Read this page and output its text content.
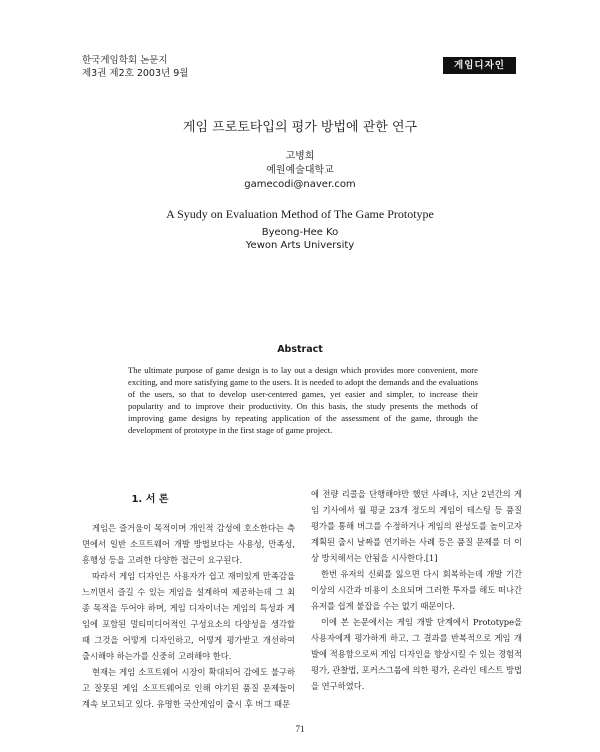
한국게임학회 논문지
제3권 제2호 2003년 9월
게임디자인
게임 프로토타입의 평가 방법에 관한 연구
고병희
예원예술대학교
gamecodi@naver.com
A Syudy on Evaluation Method of The Game Prototype
Byeong-Hee Ko
Yewon Arts University
Abstract

The ultimate purpose of game design is to lay out a design which provides more convenient, more exciting, and more satisfying game to the users. It is needed to adopt the demands and the evaluations of the users, so that to develop user-centered games, yet easier and simpler, to increase their popularity and to improve their productivity. On this basis, the study presents the methods of improving game designs by repeating application of the assessment of the game, through the development of prototype in the first stage of game project.

1. 서 론

게임은 즐거움이 목적이며 개인적 감성에 호소한다는 측면에서 일반 소프트웨어 개발 방법보다는 사용성, 만족성, 흥행성 등을 고려한 다양한 접근이 요구된다.

따라서 게임 디자인은 사용자가 쉽고 재미있게 만족감을 느끼면서 즐길 수 있는 게임을 설계하여 제공하는데 그 최종 목적을 두어야 하며, 게임 디자이너는 게임의 특성과 게임에 포함된 멀티미디어적인 구성요소의 다양성을 생각할 때 그것을 어떻게 디자인하고, 어떻게 평가받고 개선하여 출시해야 하는가를 신중히 고려해야 한다.

현재는 게임 소프트웨어 시장이 확대되어 감에도 불구하고 잘못된 게임 소프트웨어로 인해 야기된 품질 문제들이 계속 보고되고 있다. 유명한 국산게임이 출시 후 버그 때문

에 전량 리콜을 단행해야만 했던 사례나, 지난 2년간의 게임 기사에서 월 평균 23개 정도의 게임이 테스팅 등 품질 평가를 통해 버그를 수정하거나 게임의 완성도를 높이고자 계획된 출시 날짜를 연기하는 사례 등은 품질 문제를 더 이상 방치해서는 안됨을 시사한다.[1]

한번 유저의 신뢰를 잃으면 다시 회복하는데 개발 기간 이상의 시간과 비용이 소요되며 그러한 투자를 해도 떠나간 유저를 쉽게 붙잡을 수는 없기 때문이다.

이에 본 논문에서는 게임 개발 단계에서 Prototype을 사용자에게 평가하게 하고, 그 결과를 반복적으로 게임 개발에 적용함으로써 게임 디자인을 향상시킬 수 있는 경험적 평가, 관찰법, 포커스그룹에 의한 평가, 온라인 테스트 방법을 연구하였다.

71
